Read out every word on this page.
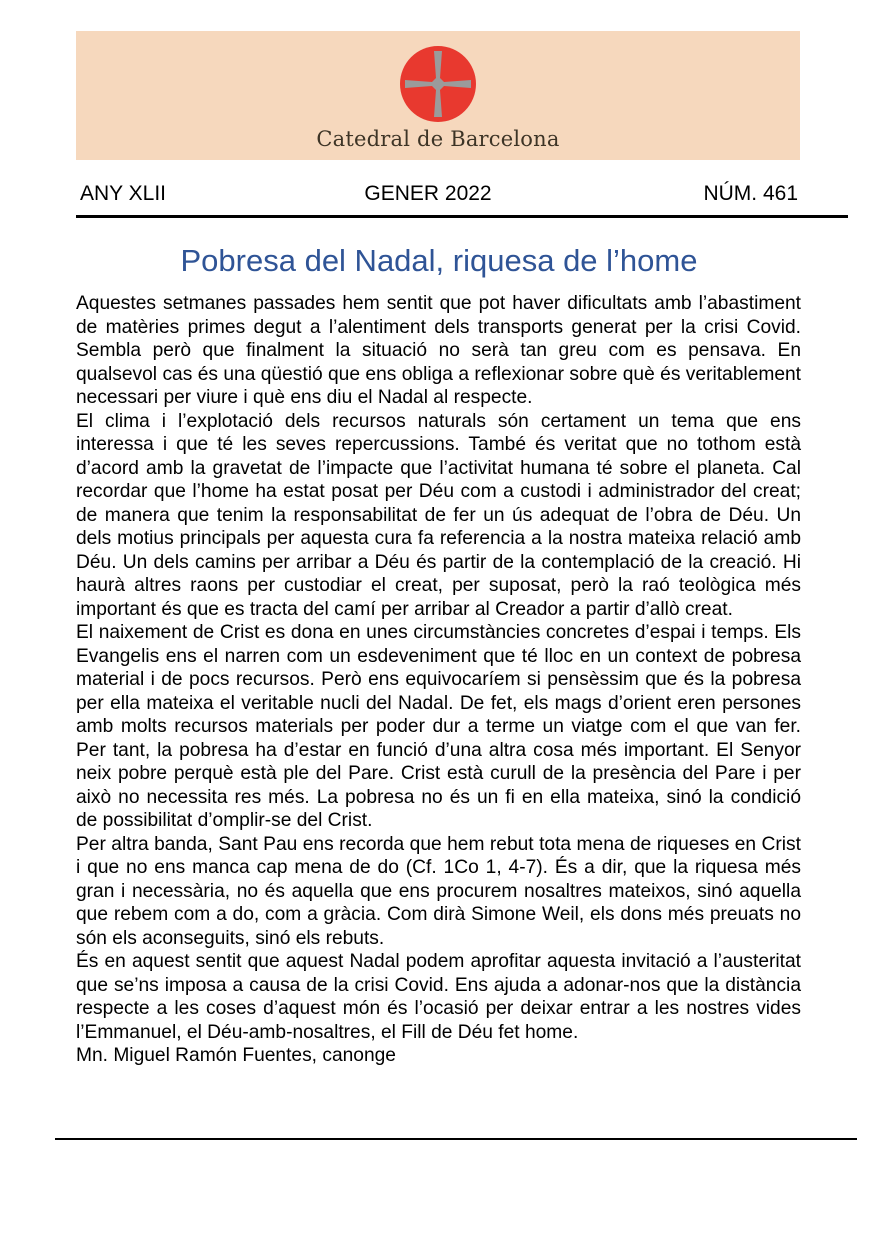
Catedral de Barcelona
ANY XLII	GENER 2022	NÚM. 461
Pobresa del Nadal, riquesa de l’home

Aquestes setmanes passades hem sentit que pot haver dificultats amb l’abastiment de matèries primes degut a l’alentiment dels transports generat per la crisi Covid. Sembla però que finalment la situació no serà tan greu com es pensava. En qualsevol cas és una qüestió que ens obliga a reflexionar sobre què és veritablement necessari per viure i què ens diu el Nadal al respecte.

El clima i l’explotació dels recursos naturals són certament un tema que ens interessa i que té les seves repercussions. També és veritat que no tothom està d’acord amb la gravetat de l’impacte que l’activitat humana té sobre el planeta. Cal recordar que l’home ha estat posat per Déu com a custodi i administrador del creat; de manera que tenim la responsabilitat de fer un ús adequat de l’obra de Déu. Un dels motius principals per aquesta cura fa referencia a la nostra mateixa relació amb Déu. Un dels camins per arribar a Déu és partir de la contemplació de la creació. Hi haurà altres raons per custodiar el creat, per suposat, però la raó teològica més important és que es tracta del camí per arribar al Creador a partir d’allò creat.

El naixement de Crist es dona en unes circumstàncies concretes d’espai i temps. Els Evangelis ens el narren com un esdeveniment que té lloc en un context de pobresa material i de pocs recursos. Però ens equivocaríem si pensèssim que és la pobresa per ella mateixa el veritable nucli del Nadal. De fet, els mags d’orient eren persones amb molts recursos materials per poder dur a terme un viatge com el que van fer. Per tant, la pobresa ha d’estar en funció d’una altra cosa més important. El Senyor neix pobre perquè està ple del Pare. Crist està curull de la presència del Pare i per això no necessita res més. La pobresa no és un fi en ella mateixa, sinó la condició de possibilitat d’omplir-se del Crist.

Per altra banda, Sant Pau ens recorda que hem rebut tota mena de riqueses en Crist i que no ens manca cap mena de do (Cf. 1Co 1, 4-7). És a dir, que la riquesa més gran i necessària, no és aquella que ens procurem nosaltres mateixos, sinó aquella que rebem com a do, com a gràcia. Com dirà Simone Weil, els dons més preuats no són els aconseguits, sinó els rebuts.

És en aquest sentit que aquest Nadal podem aprofitar aquesta invitació a l’austeritat que se’ns imposa a causa de la crisi Covid. Ens ajuda a adonar-nos que la distància respecte a les coses d’aquest món és l’ocasió per deixar entrar a les nostres vides l’Emmanuel, el Déu-amb-nosaltres, el Fill de Déu fet home.

Mn. Miguel Ramón Fuentes, canonge
